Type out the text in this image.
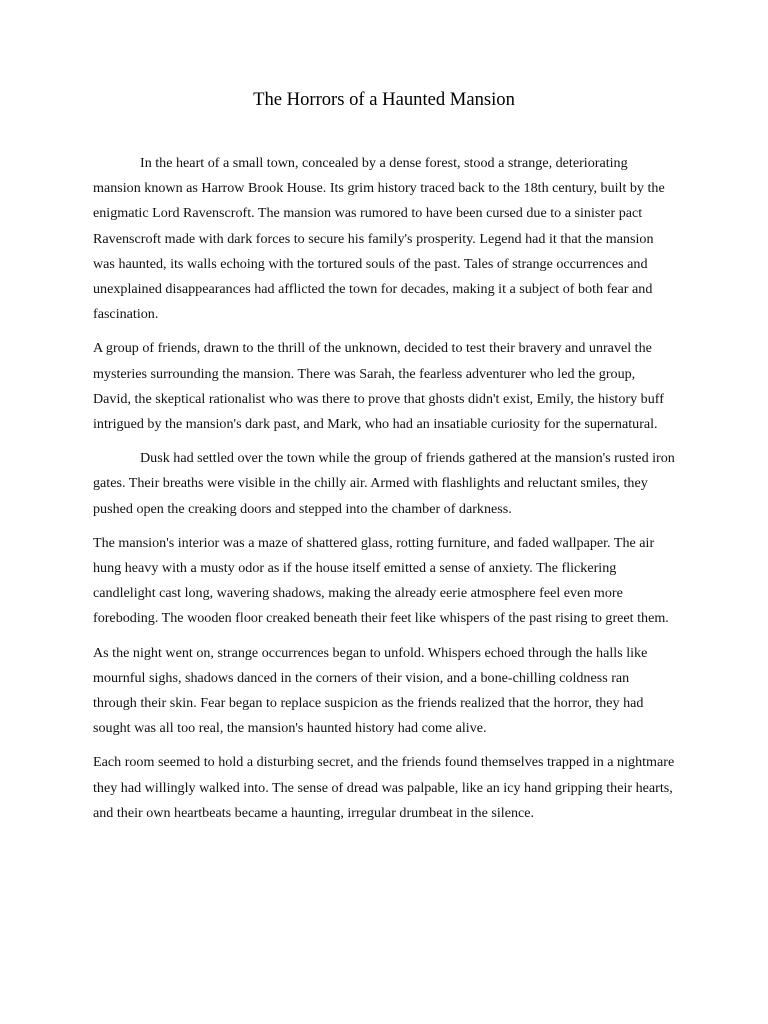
The Horrors of a Haunted Mansion

In the heart of a small town, concealed by a dense forest, stood a strange, deteriorating mansion known as Harrow Brook House. Its grim history traced back to the 18th century, built by the enigmatic Lord Ravenscroft. The mansion was rumored to have been cursed due to a sinister pact Ravenscroft made with dark forces to secure his family's prosperity. Legend had it that the mansion was haunted, its walls echoing with the tortured souls of the past. Tales of strange occurrences and unexplained disappearances had afflicted the town for decades, making it a subject of both fear and fascination.

A group of friends, drawn to the thrill of the unknown, decided to test their bravery and unravel the mysteries surrounding the mansion. There was Sarah, the fearless adventurer who led the group, David, the skeptical rationalist who was there to prove that ghosts didn't exist, Emily, the history buff intrigued by the mansion's dark past, and Mark, who had an insatiable curiosity for the supernatural.

Dusk had settled over the town while the group of friends gathered at the mansion's rusted iron gates. Their breaths were visible in the chilly air. Armed with flashlights and reluctant smiles, they pushed open the creaking doors and stepped into the chamber of darkness.

The mansion's interior was a maze of shattered glass, rotting furniture, and faded wallpaper. The air hung heavy with a musty odor as if the house itself emitted a sense of anxiety. The flickering candlelight cast long, wavering shadows, making the already eerie atmosphere feel even more foreboding. The wooden floor creaked beneath their feet like whispers of the past rising to greet them.

As the night went on, strange occurrences began to unfold. Whispers echoed through the halls like mournful sighs, shadows danced in the corners of their vision, and a bone-chilling coldness ran through their skin. Fear began to replace suspicion as the friends realized that the horror, they had sought was all too real, the mansion's haunted history had come alive.

Each room seemed to hold a disturbing secret, and the friends found themselves trapped in a nightmare they had willingly walked into. The sense of dread was palpable, like an icy hand gripping their hearts, and their own heartbeats became a haunting, irregular drumbeat in the silence.
